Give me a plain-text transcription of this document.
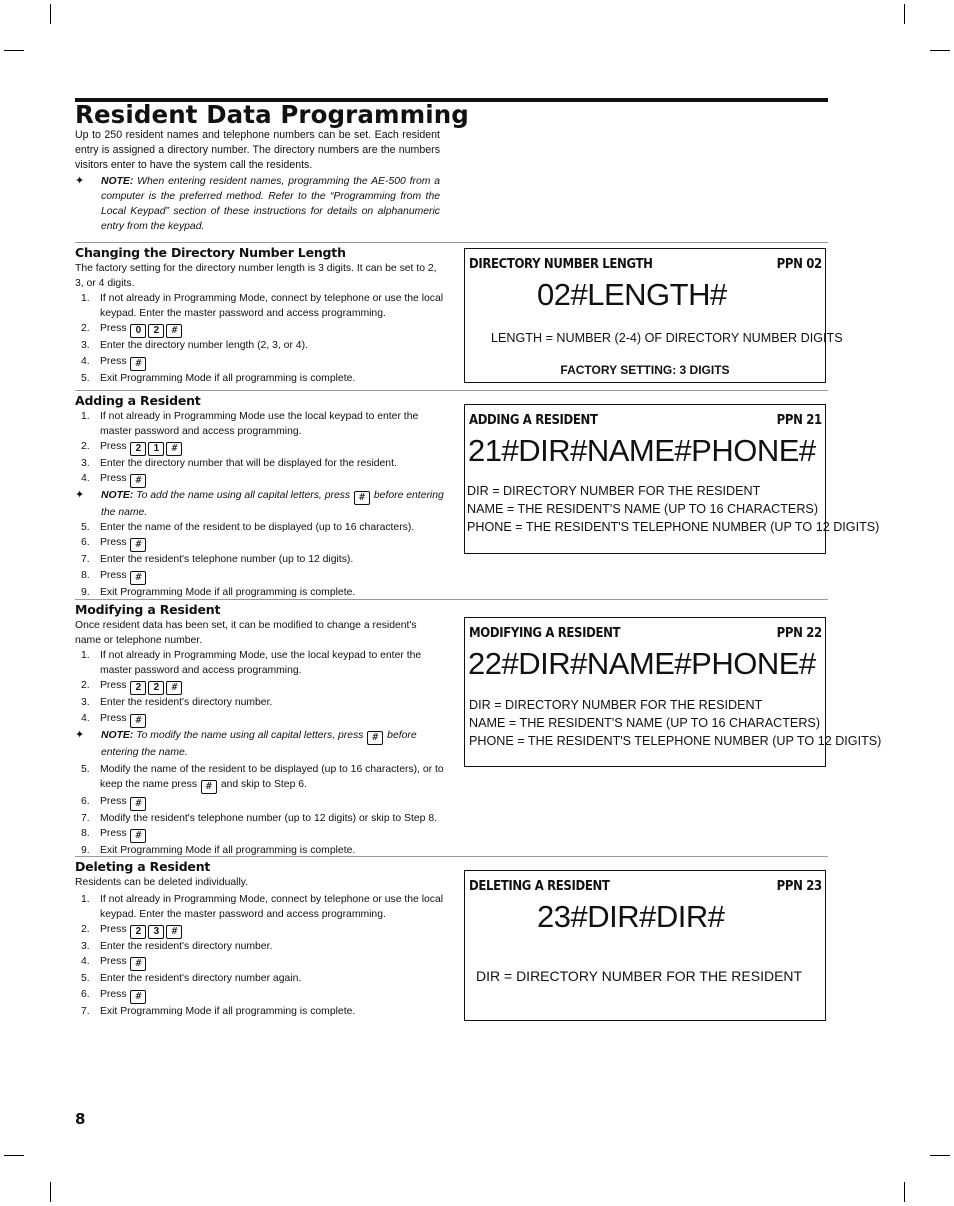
Resident Data Programming

Up to 250 resident names and telephone numbers can be set. Each resident entry is assigned a directory number. The directory numbers are the numbers visitors enter to have the system call the residents.

✦	NOTE: When entering resident names, programming the AE-500 from a computer is the preferred method. Refer to the “Programming from the Local Keypad” section of these instructions for details on alphanumeric entry from the keypad.
Changing the Directory Number Length

The factory setting for the directory number length is 3 digits. It can be set to 2, 3, or 4 digits.

1. If not already in Programming Mode, connect by telephone or use the local keypad. Enter the master password and access programming.
2. Press 0 2 #
3. Enter the directory number length (2, 3, or 4).
4. Press #
5. Exit Programming Mode if all programming is complete.
Adding a Resident
1. If not already in Programming Mode use the local keypad to enter the master password and access programming.
2. Press 2 1 #
3. Enter the directory number that will be displayed for the resident.
4. Press #
✦	NOTE: To add the name using all capital letters, press # before entering the name.
5. Enter the name of the resident to be displayed (up to 16 characters).
6. Press #
7. Enter the resident's telephone number (up to 12 digits).
8. Press #
9. Exit Programming Mode if all programming is complete.
Modifying a Resident

Once resident data has been set, it can be modified to change a resident's name or telephone number.

1. If not already in Programming Mode, use the local keypad to enter the master password and access programming.
2. Press 2 2 #
3. Enter the resident's directory number.
4. Press #
✦	NOTE: To modify the name using all capital letters, press # before entering the name.
5. Modify the name of the resident to be displayed (up to 16 characters), or to keep the name press # and skip to Step 6.
6. Press #
7. Modify the resident's telephone number (up to 12 digits) or skip to Step 8.
8. Press #
9. Exit Programming Mode if all programming is complete.
Deleting a Resident

Residents can be deleted individually.

1. If not already in Programming Mode, connect by telephone or use the local keypad. Enter the master password and access programming.
2. Press 2 3 #
3. Enter the resident's directory number.
4. Press #
5. Enter the resident's directory number again.
6. Press #
7. Exit Programming Mode if all programming is complete.
DIRECTORY NUMBER LENGTH	PPN 02
02#LENGTH#
LENGTH = NUMBER (2-4) OF DIRECTORY NUMBER DIGITS
FACTORY SETTING: 3 DIGITS
ADDING A RESIDENT	PPN 21
21#DIR#NAME#PHONE#
DIR = DIRECTORY NUMBER FOR THE RESIDENT
NAME = THE RESIDENT'S NAME (UP TO 16 CHARACTERS)
PHONE = THE RESIDENT'S TELEPHONE NUMBER (UP TO 12 DIGITS)
MODIFYING A RESIDENT	PPN 22
22#DIR#NAME#PHONE#
DIR = DIRECTORY NUMBER FOR THE RESIDENT
NAME = THE RESIDENT'S NAME (UP TO 16 CHARACTERS)
PHONE = THE RESIDENT'S TELEPHONE NUMBER (UP TO 12 DIGITS)
DELETING A RESIDENT	PPN 23
23#DIR#DIR#
DIR = DIRECTORY NUMBER FOR THE RESIDENT
8
